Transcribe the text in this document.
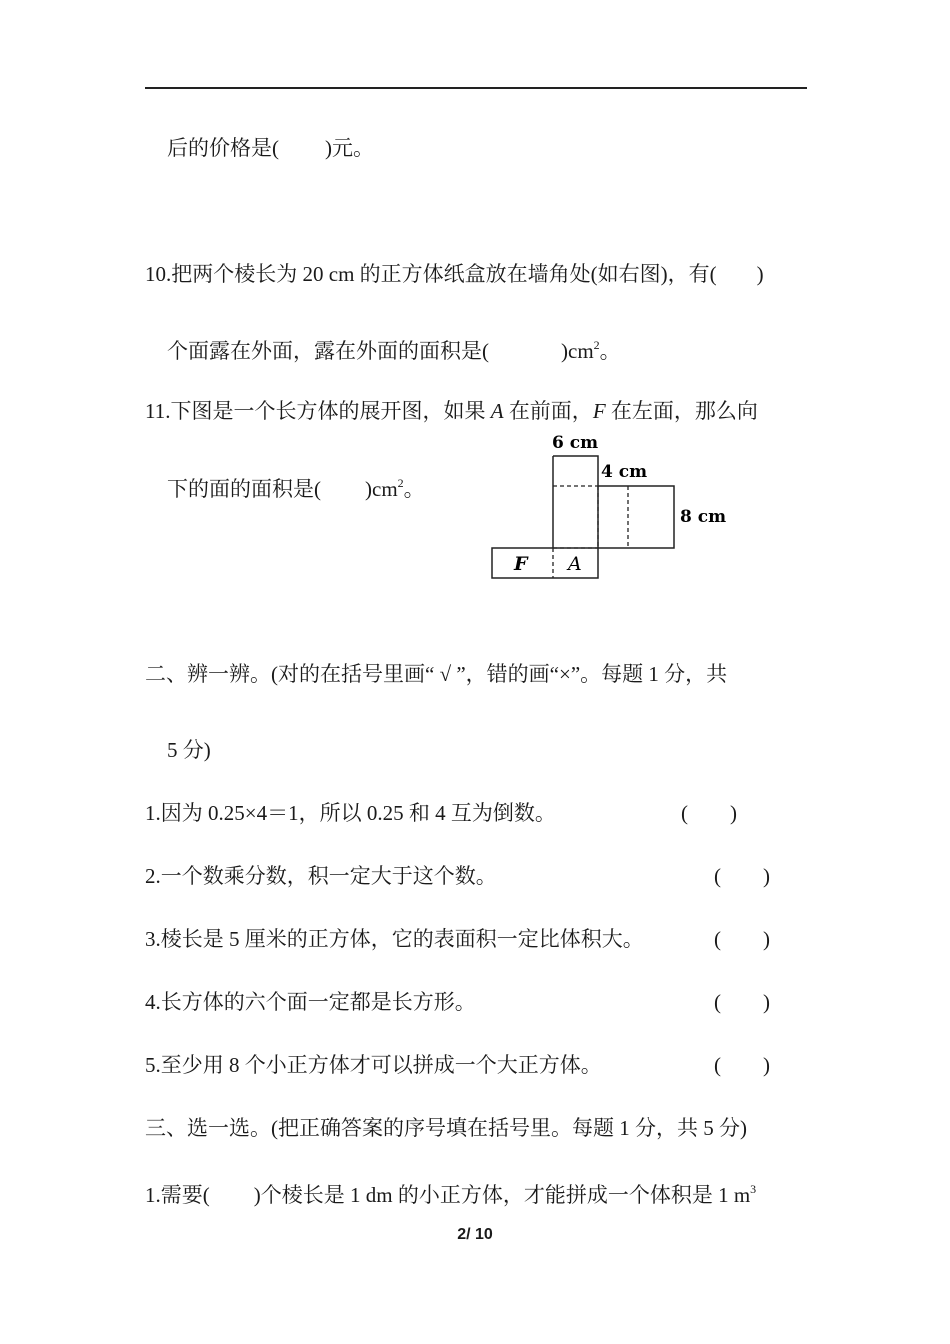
后的价格是( )元。
10.把两个棱长为 20 cm 的正方体纸盒放在墙角处(如右图)，有( )
个面露在外面，露在外面的面积是(	)$cm^2$。
11.下图是一个长方体的展开图，如果 A 在前面，F 在左面，那么向
下的面的面积是( )$cm^2$。
6 cm
4 cm
8 cm
F A
二、辨一辨。(对的在括号里画“ √ ”，错的画“×”。每题 1 分，共
5 分)
1.因为 0.25×4＝1，所以 0.25 和 4 互为倒数。	(　　)
2.一个数乘分数，积一定大于这个数。	(　　)
3.棱长是 5 厘米的正方体，它的表面积一定比体积大。	(　　)
4.长方体的六个面一定都是长方形。	(　　)
5.至少用 8 个小正方体才可以拼成一个大正方体。	(　　)
三、选一选。(把正确答案的序号填在括号里。每题 1 分，共 5 分)
1.需要( )个棱长是 1 dm 的小正方体，才能拼成一个体积是 1 $m^3$
2/ 10
